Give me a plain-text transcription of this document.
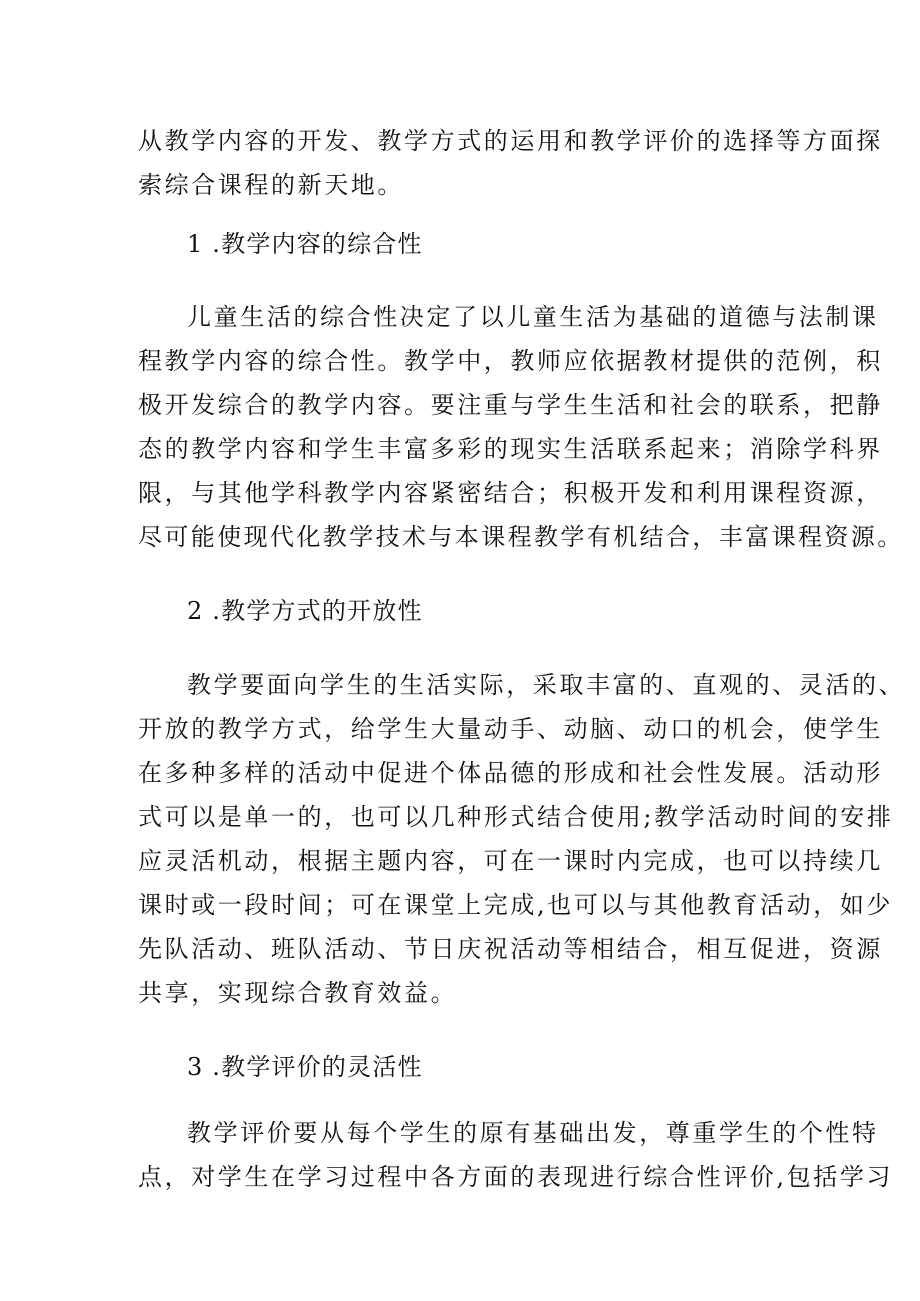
从教学内容的开发、教学方式的运用和教学评价的选择等方面探
索综合课程的新天地。
1 .教学内容的综合性
儿童生活的综合性决定了以儿童生活为基础的道德与法制课
程教学内容的综合性。教学中，教师应依据教材提供的范例，积
极开发综合的教学内容。要注重与学生生活和社会的联系，把静
态的教学内容和学生丰富多彩的现实生活联系起来；消除学科界
限，与其他学科教学内容紧密结合；积极开发和利用课程资源，
尽可能使现代化教学技术与本课程教学有机结合，丰富课程资源。
2 .教学方式的开放性
教学要面向学生的生活实际，采取丰富的、直观的、灵活的、
开放的教学方式，给学生大量动手、动脑、动口的机会，使学生
在多种多样的活动中促进个体品德的形成和社会性发展。活动形
式可以是单一的，也可以几种形式结合使用;教学活动时间的安排
应灵活机动，根据主题内容，可在一课时内完成，也可以持续几
课时或一段时间；可在课堂上完成,也可以与其他教育活动，如少
先队活动、班队活动、节日庆祝活动等相结合，相互促进，资源
共享，实现综合教育效益。
3 .教学评价的灵活性
教学评价要从每个学生的原有基础出发，尊重学生的个性特
点，对学生在学习过程中各方面的表现进行综合性评价,包括学习
